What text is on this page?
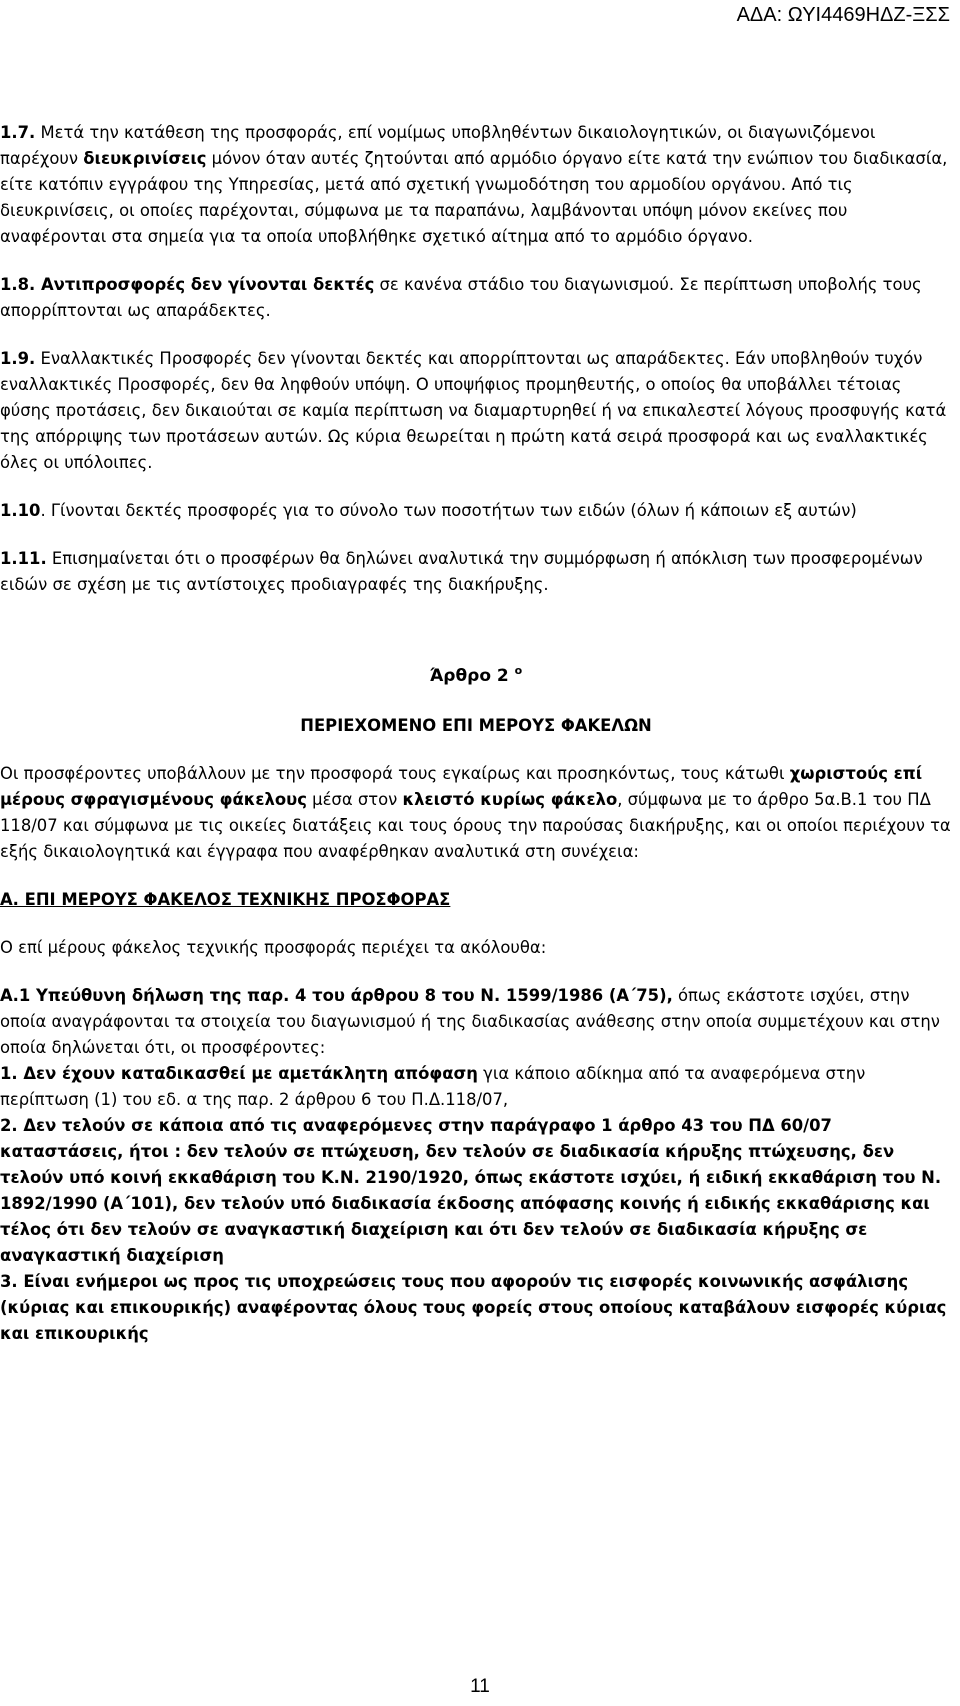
ΑΔΑ: ΩΥΙ4469ΗΔΖ-ΞΣΣ

1.7. Μετά την κατάθεση της προσφοράς, επί νομίμως υποβληθέντων δικαιολογητικών, οι διαγωνιζόμενοι παρέχουν διευκρινίσεις μόνον όταν αυτές ζητούνται από αρμόδιο όργανο είτε κατά την ενώπιον του διαδικασία, είτε κατόπιν εγγράφου της Υπηρεσίας, μετά από σχετική γνωμοδότηση του αρμοδίου οργάνου. Από τις διευκρινίσεις, οι οποίες παρέχονται, σύμφωνα με τα παραπάνω, λαμβάνονται υπόψη μόνον εκείνες που αναφέρονται στα σημεία για τα οποία υποβλήθηκε σχετικό αίτημα από το αρμόδιο όργανο.

1.8. Αντιπροσφορές δεν γίνονται δεκτές σε κανένα στάδιο του διαγωνισμού. Σε περίπτωση υποβολής τους απορρίπτονται ως απαράδεκτες.

1.9. Εναλλακτικές Προσφορές δεν γίνονται δεκτές και απορρίπτονται ως απαράδεκτες. Εάν υποβληθούν τυχόν εναλλακτικές Προσφορές, δεν θα ληφθούν υπόψη. Ο υποψήφιος προμηθευτής, ο οποίος θα υποβάλλει τέτοιας φύσης προτάσεις, δεν δικαιούται σε καμία περίπτωση να διαμαρτυρηθεί ή να επικαλεστεί λόγους προσφυγής κατά της απόρριψης των προτάσεων αυτών. Ως κύρια θεωρείται η πρώτη κατά σειρά προσφορά και ως εναλλακτικές όλες οι υπόλοιπες.

1.10. Γίνονται δεκτές προσφορές για το σύνολο των ποσοτήτων των ειδών (όλων ή κάποιων εξ αυτών)

1.11. Επισημαίνεται ότι ο προσφέρων θα δηλώνει αναλυτικά την συμμόρφωση ή απόκλιση των προσφερομένων ειδών σε σχέση με τις αντίστοιχες προδιαγραφές της διακήρυξης.

Άρθρο 2 $^o$

ΠΕΡΙΕΧΟΜΕΝΟ ΕΠΙ ΜΕΡΟΥΣ ΦΑΚΕΛΩΝ

Οι προσφέροντες υποβάλλουν με την προσφορά τους εγκαίρως και προσηκόντως, τους κάτωθι χωριστούς επί μέρους σφραγισμένους φάκελους μέσα στον κλειστό κυρίως φάκελο, σύμφωνα με το άρθρο 5α.Β.1 του ΠΔ 118/07 και σύμφωνα με τις οικείες διατάξεις και τους όρους την παρούσας διακήρυξης, και οι οποίοι περιέχουν τα εξής δικαιολογητικά και έγγραφα που αναφέρθηκαν αναλυτικά στη συνέχεια:

Α. ΕΠΙ ΜΕΡΟΥΣ ΦΑΚΕΛΟΣ ΤΕΧΝΙΚΗΣ ΠΡΟΣΦΟΡΑΣ

Ο επί μέρους φάκελος τεχνικής προσφοράς περιέχει τα ακόλουθα:

Α.1 Υπεύθυνη δήλωση της παρ. 4 του άρθρου 8 του Ν. 1599/1986 (Α΄75), όπως εκάστοτε ισχύει, στην οποία αναγράφονται τα στοιχεία του διαγωνισμού ή της διαδικασίας ανάθεσης στην οποία συμμετέχουν και στην οποία δηλώνεται ότι, οι προσφέροντες:

1. Δεν έχουν καταδικασθεί με αμετάκλητη απόφαση για κάποιο αδίκημα από τα αναφερόμενα στην περίπτωση (1) του εδ. α της παρ. 2 άρθρου 6 του Π.Δ.118/07,

2. Δεν τελούν σε κάποια από τις αναφερόμενες στην παράγραφο 1 άρθρο 43 του ΠΔ 60/07 καταστάσεις, ήτοι : δεν τελούν σε πτώχευση, δεν τελούν σε διαδικασία κήρυξης πτώχευσης, δεν τελούν υπό κοινή εκκαθάριση του Κ.Ν. 2190/1920, όπως εκάστοτε ισχύει, ή ειδική εκκαθάριση του Ν. 1892/1990 (Α΄101), δεν τελούν υπό διαδικασία έκδοσης απόφασης κοινής ή ειδικής εκκαθάρισης και τέλος ότι δεν τελούν σε αναγκαστική διαχείριση και ότι δεν τελούν σε διαδικασία κήρυξης σε αναγκαστική διαχείριση

3. Είναι ενήμεροι ως προς τις υποχρεώσεις τους που αφορούν τις εισφορές κοινωνικής ασφάλισης (κύριας και επικουρικής) αναφέροντας όλους τους φορείς στους οποίους καταβάλουν εισφορές κύριας και επικουρικής

11
